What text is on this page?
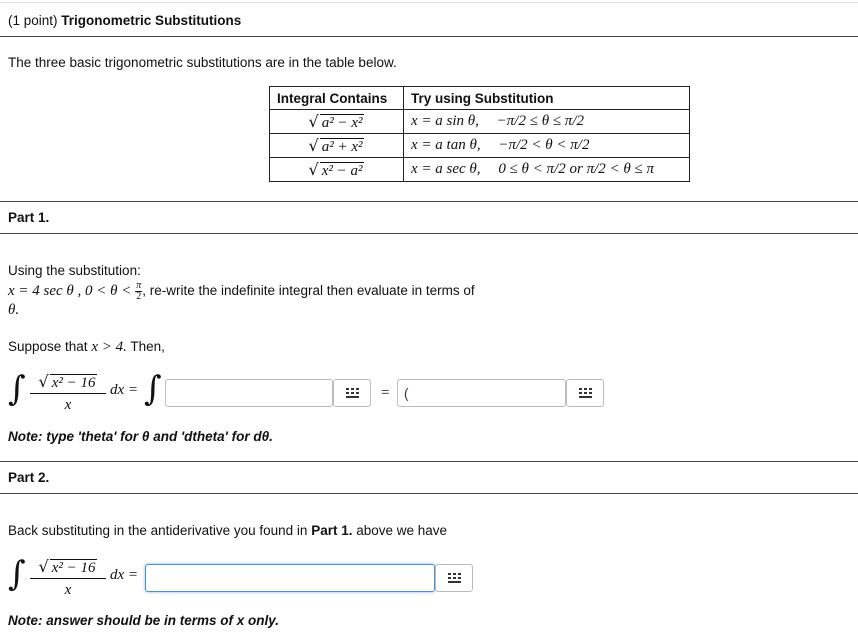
(1 point) Trigonometric Substitutions
The three basic trigonometric substitutions are in the table below.
Integral Contains	Try using Substitution
√ a² − x²	x = a sin θ, −π/2 ≤ θ ≤ π/2
√ a² + x²	x = a tan θ, −π/2 < θ < π/2
√ x² − a²	x = a sec θ, 0 ≤ θ < π/2 or π/2 < θ ≤ π
Part 1.
Using the substitution:
x = 4 sec θ , $0 < \theta < \frac{\pi}{2}$ , re-write the indefinite integral then evaluate in terms of
θ.
Suppose that x > 4. Then,
∫ √ x² − 16
x
dx = ∫	= (
Note: type 'theta' for θ and 'dtheta' for dθ.
Part 2.
Back substituting in the antiderivative you found in Part 1. above we have
∫ √ x² − 16
x
dx =
Note: answer should be in terms of x only.
